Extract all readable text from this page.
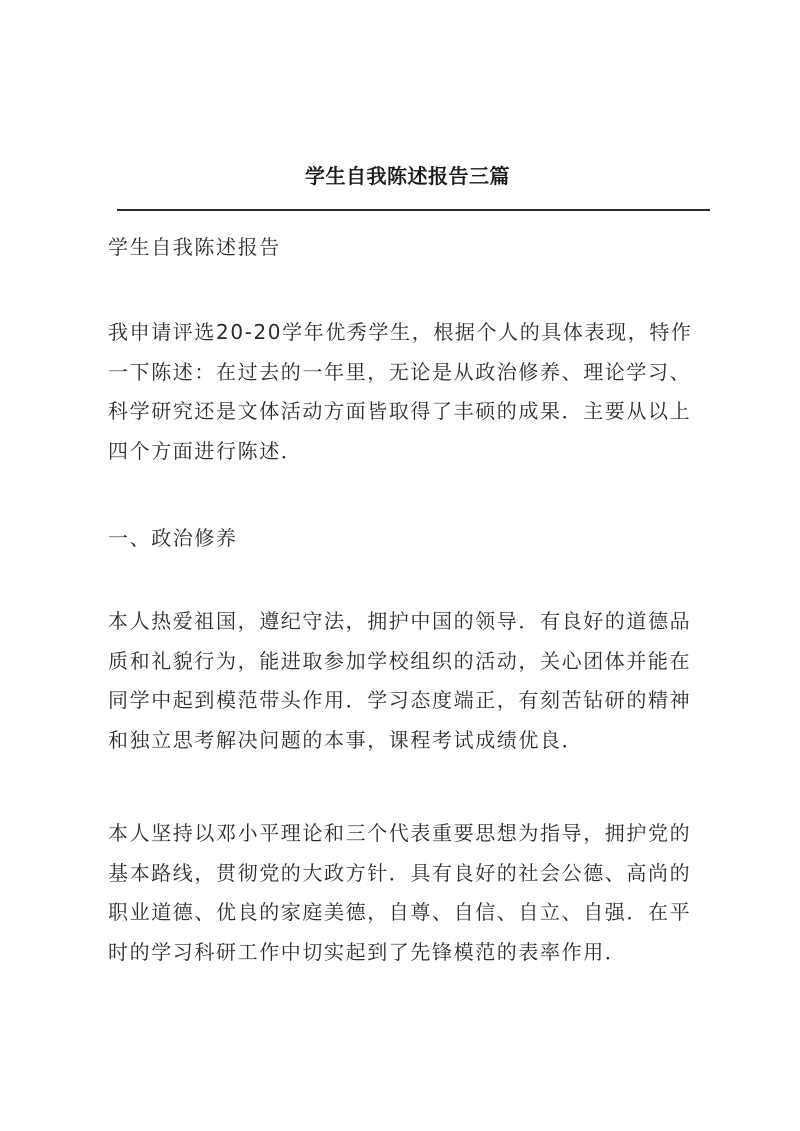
学生自我陈述报告三篇

学生自我陈述报告

我申请评选20-20学年优秀学生，根据个人的具体表现，特作一下陈述：在过去的一年里，无论是从政治修养、理论学习、科学研究还是文体活动方面皆取得了丰硕的成果．主要从以上四个方面进行陈述．

一、政治修养

本人热爱祖国，遵纪守法，拥护中国的领导．有良好的道德品质和礼貌行为，能进取参加学校组织的活动，关心团体并能在同学中起到模范带头作用．学习态度端正，有刻苦钻研的精神和独立思考解决问题的本事，课程考试成绩优良．

本人坚持以邓小平理论和三个代表重要思想为指导，拥护党的基本路线，贯彻党的大政方针．具有良好的社会公德、高尚的职业道德、优良的家庭美德，自尊、自信、自立、自强．在平时的学习科研工作中切实起到了先锋模范的表率作用．
